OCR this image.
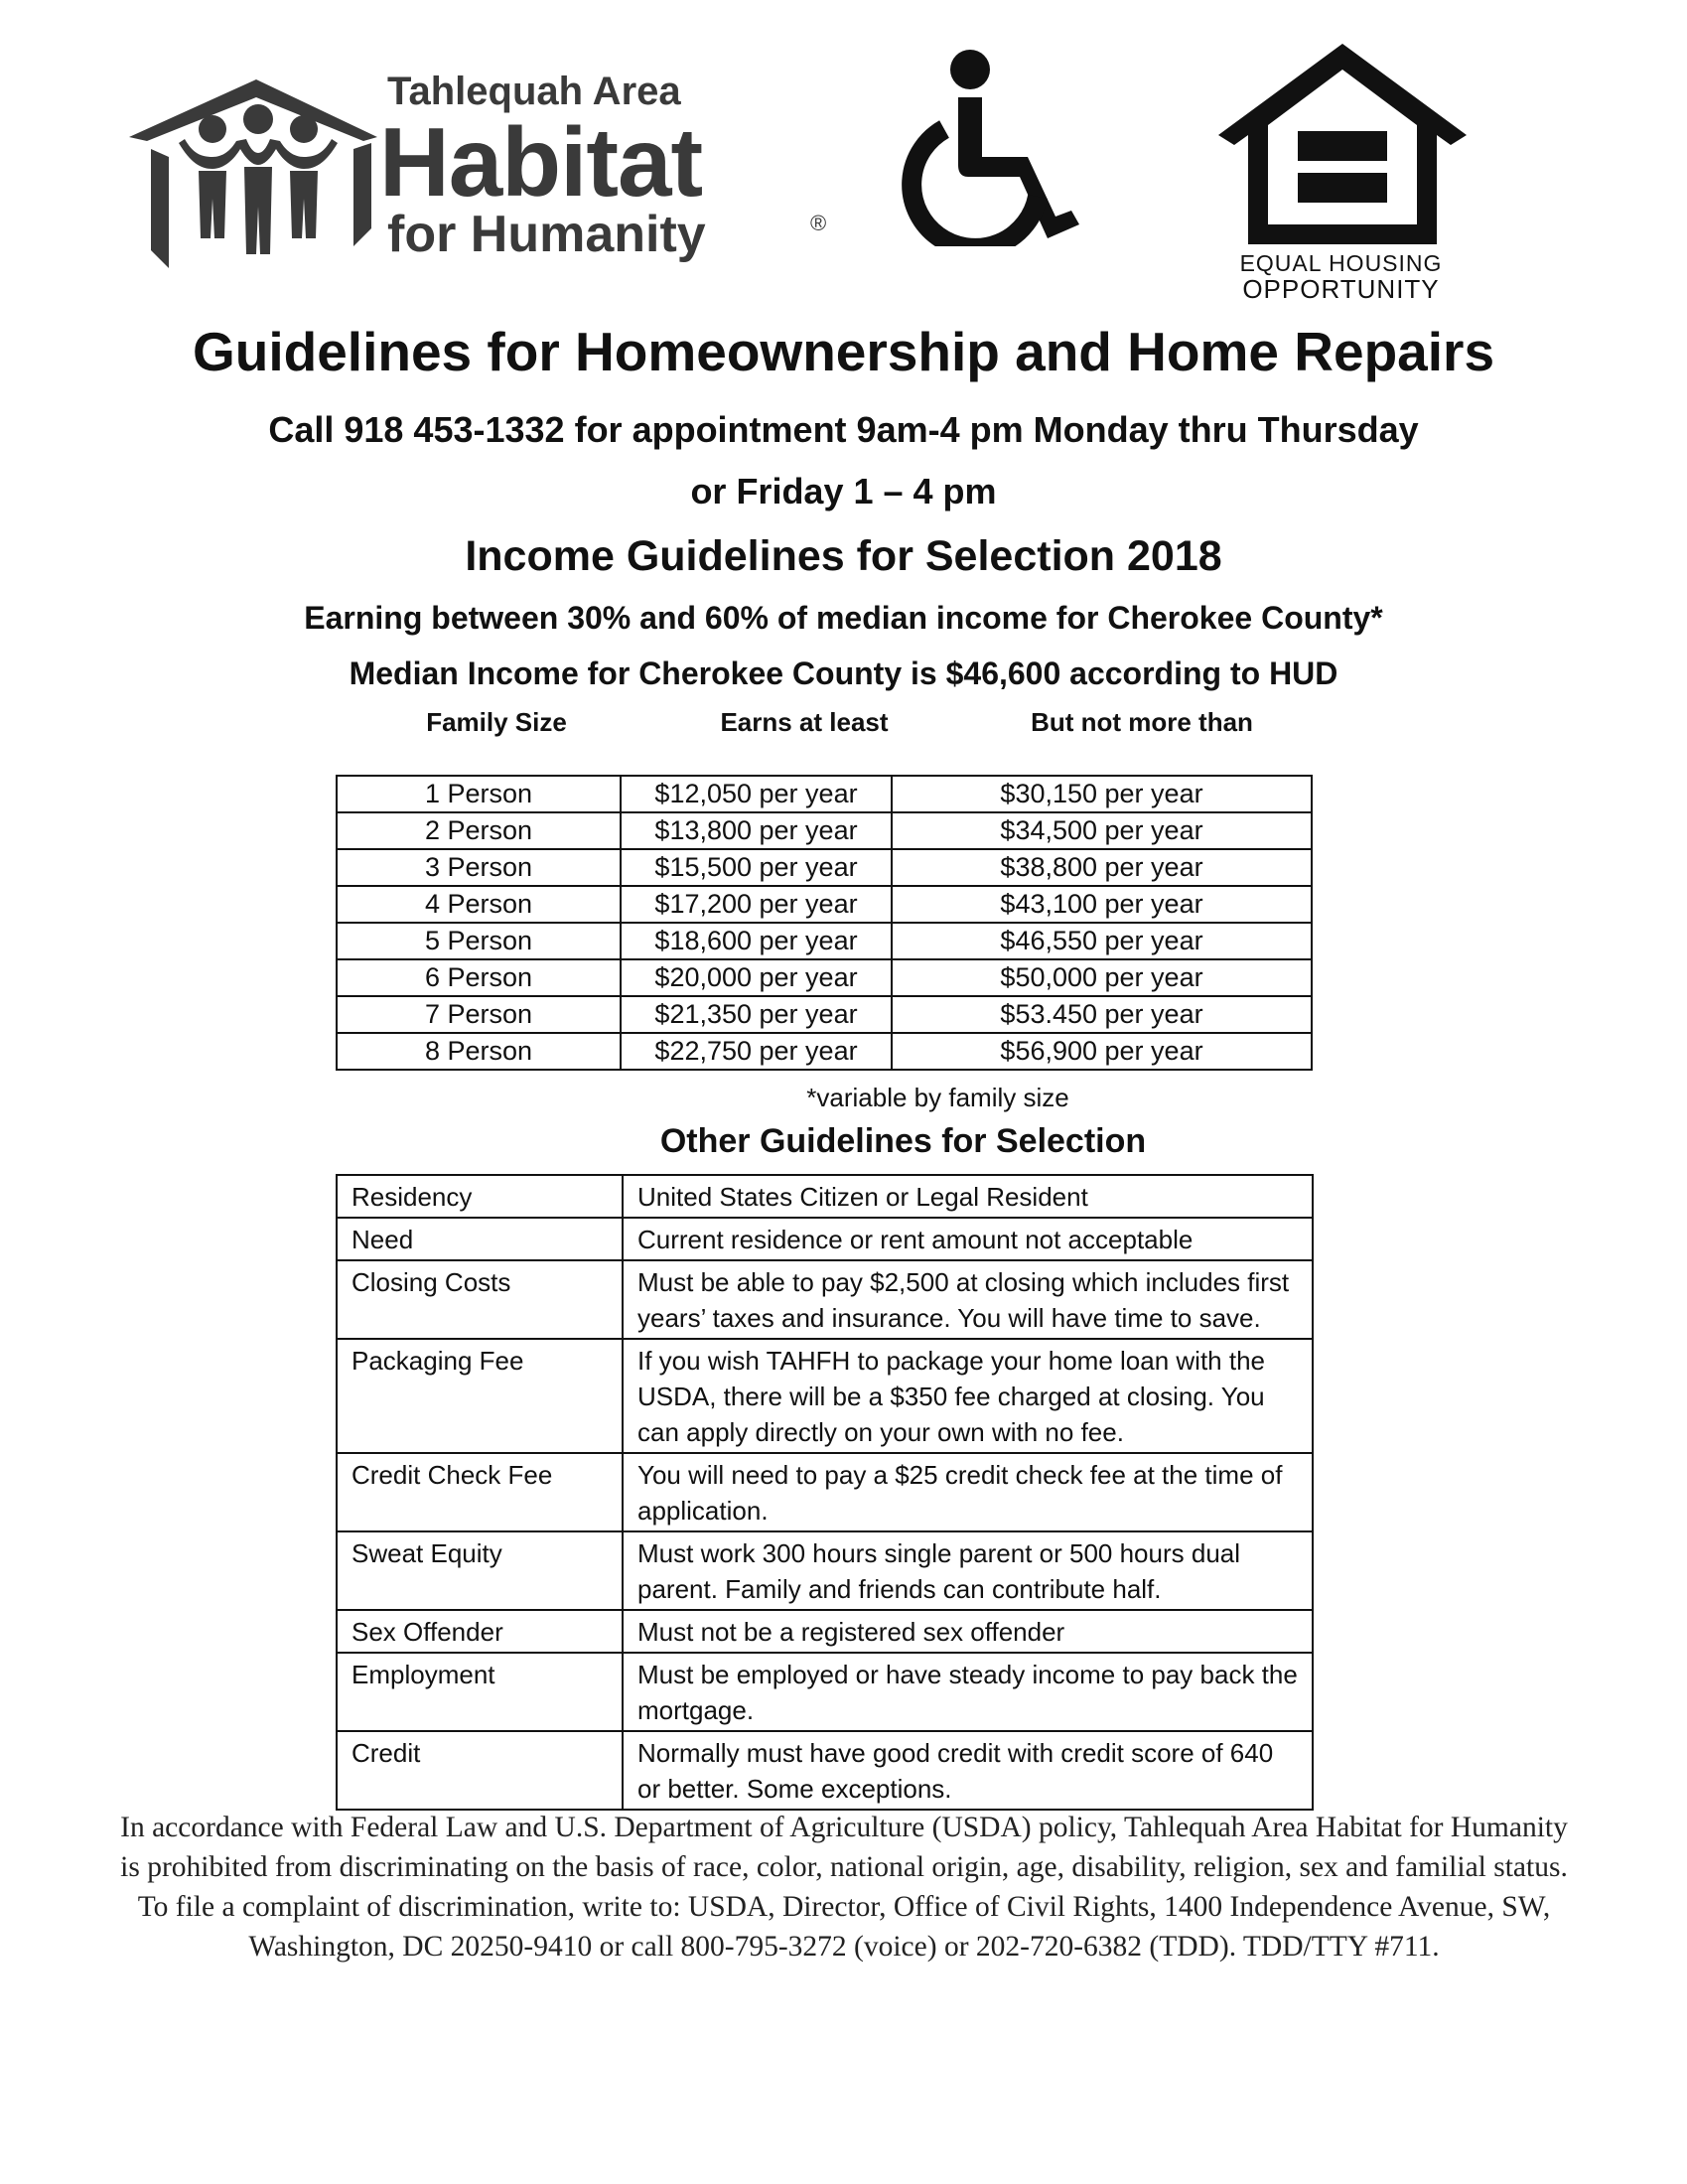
Tahlequah Area
Habitat
for Humanity	®
EQUAL HOUSING
OPPORTUNITY
Guidelines for Homeownership and Home Repairs
Call 918 453-1332 for appointment 9am-4 pm Monday thru Thursday
or Friday 1 – 4 pm
Income Guidelines for Selection 2018
Earning between 30% and 60% of median income for Cherokee County*
Median Income for Cherokee County is $46,600 according to HUD
Family Size	Earns at least	But not more than
1 Person	$12,050 per year	$30,150 per year
2 Person	$13,800 per year	$34,500 per year
3 Person	$15,500 per year	$38,800 per year
4 Person	$17,200 per year	$43,100 per year
5 Person	$18,600 per year	$46,550 per year
6 Person	$20,000 per year	$50,000 per year
7 Person	$21,350 per year	$53.450 per year
8 Person	$22,750 per year	$56,900 per year
*variable by family size
Other Guidelines for Selection
Residency	United States Citizen or Legal Resident
Need	Current residence or rent amount not acceptable
Closing Costs	Must be able to pay $2,500 at closing which includes first years’ taxes and insurance. You will have time to save.
Packaging Fee	If you wish TAHFH to package your home loan with the USDA, there will be a $350 fee charged at closing. You can apply directly on your own with no fee.
Credit Check Fee	You will need to pay a $25 credit check fee at the time of application.
Sweat Equity	Must work 300 hours single parent or 500 hours dual parent. Family and friends can contribute half.
Sex Offender	Must not be a registered sex offender
Employment	Must be employed or have steady income to pay back the mortgage.
Credit	Normally must have good credit with credit score of 640 or better. Some exceptions.
In accordance with Federal Law and U.S. Department of Agriculture (USDA) policy, Tahlequah Area Habitat for Humanity is prohibited from discriminating on the basis of race, color, national origin, age, disability, religion, sex and familial status. To file a complaint of discrimination, write to: USDA, Director, Office of Civil Rights, 1400 Independence Avenue, SW, Washington, DC 20250-9410 or call 800-795-3272 (voice) or 202-720-6382 (TDD). TDD/TTY #711.
